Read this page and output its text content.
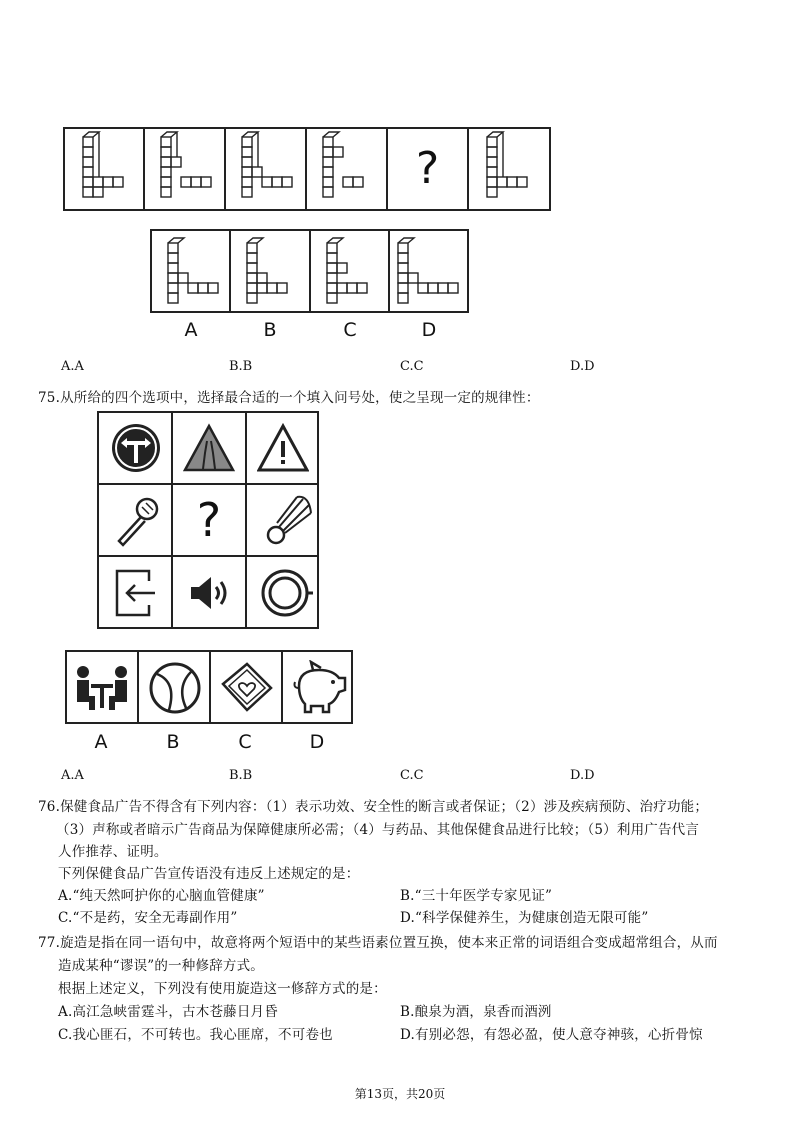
?
A	B	C	D
A.A	B.B	C.C	D.D
75.从所给的四个选项中，选择最合适的一个填入问号处，使之呈现一定的规律性：
?
A	B	C	D
A.A	B.B	C.C	D.D
76.保健食品广告不得含有下列内容：（1）表示功效、安全性的断言或者保证；（2）涉及疾病预防、治疗功能；
（3）声称或者暗示广告商品为保障健康所必需；（4）与药品、其他保健食品进行比较；（5）利用广告代言
人作推荐、证明。
下列保健食品广告宣传语没有违反上述规定的是：
A.“纯天然呵护你的心脑血管健康”	B.“三十年医学专家见证”
C.“不是药，安全无毒副作用”	D.“科学保健养生，为健康创造无限可能”
77.旋造是指在同一语句中，故意将两个短语中的某些语素位置互换，使本来正常的词语组合变成超常组合，从而
造成某种“谬误”的一种修辞方式。
根据上述定义，下列没有使用旋造这一修辞方式的是：
A.高江急峡雷霆斗，古木苍藤日月昏	B.酿泉为酒，泉香而酒洌
C.我心匪石，不可转也。我心匪席，不可卷也	D.有别必怨，有怨必盈，使人意夺神骇，心折骨惊
第13页，共20页
